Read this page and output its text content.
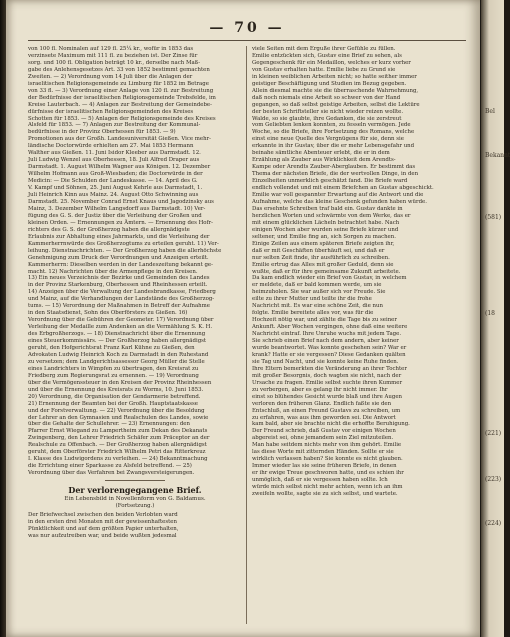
— 70 —
von 100 fl. Nominalen auf 129 fl. 25¼ kr., wofür in 1853 das
verzinsete Maximum mit 111 fl. zu beziehen ist. Der Zinse für
sorg. und 100 fl. Obligation beträgt 10 kr., derselbe nach Maß-
gabe des Anlehensgesetzes Art. 33 von 1852 bestimmt gemachten
Zweiten. — 2) Verordnung vom 14 Juli über die Anlagen der
israelitischen Religionsgemeinde zu Limburg für 1852 im Betrage
von 33 fl. — 3) Verordnung einer Anlage von 120 fl. zur Bestreitung
der Bedürfnisse der israelitischen Religionsgemeinde Trebsfelde, im
Kreise Lauterbach. — 4) Anlagen zur Bestreitung der Gemeindebe-
dürfnisse der israelitischen Religionsgemeinden des Kreises
Schotten für 1853. — 5) Anlagen der Religionsgemeinde des Kreises
Alsfeld für 1853. — 7) Anlagen zur Bestreitung der Kommunal-
bedürfnisse in der Provinz Oberhessen für 1853. — 9)
Promotionen aus der Großh. Landesuniversität Gießen. Vice mehr-
ländische Doctorwürde erhielten am 27. Mai 1853 Hermann
Walther aus Gießen. 11. Juni Isidor Kleeber aus Darmstadt. 12.
Juli Ludwig Wenzel aus Oberhessen, 18. Juli Alfred Draper aus
Darmstadt. 1. August Wilhelm Wagner aus Königen. 12. Dezember
Wilhelm Hofmann aus Groß-Wiesbaden; die Doctorwürde in der
Medicin: — Die Schulden der Landeskasse. — 14. April des G.
V. Kampf und Söhnen, 25. Juni August Kehrle aus Darmstadt, 1.
Juli Heinrich Kinn aus Mainz. 24. August Otto Schwinning aus
Darmstadt. 25. November Conrad Ernst Knaus und Jagodzinsky aus
Mainz, 3. Dezember Wilhelm Langsdorff aus Darmstadt. 10) Ver-
fügung des G. S. der Justiz über die Verleihung der Großen und
kleinen Orden. — Ernennungen zu Ämtern. — Ernennung des Hofr-
richters des G. S. der Großherzog haben die allergnädigste
Erlaubnis zur Abhaltung eines Jahrmarkts, und die Verleihung der
Kammerherrnwürde des Großherzogtums zu erteilen geruht. 11) Ver-
leihung. Dienstnachrichten. — Der Großherzog haben die allerhöchste
Genehmigung zum Druck der Verordnungen und Anzeigen erteilt.
Kammerherrn: Dieselben werden in der Landeszeitung bekannt ge-
macht. 12) Nachrichten über die Armenpflege in den Kreisen.
13) Ein neues Verzeichnis der Bezirke und Gemeinden des Landes
in der Provinz Starkenburg, Oberhessen und Rheinhessen erteilt.
14) Anzeigen über die Verwaltung der Landesbrandkasse, Friedberg
und Mainz, auf die Verhandlungen der Landstände des Großherzog-
tums. — 15) Verordnung der Maßnahmen in Betreff der Aufnahme
in den Staatsdienst, Sohn des Oberförsters zu Gießen. 16)
Verordnung über die Gebühren der Geometer. 17) Verordnung über
Verleihung der Medaille zum Andenken an die Vermählung S. K. H.
des Erbgroßherzogs. — 18) Dienstnachricht über die Ernennung
eines Steuerkommissärs. — Der Großherzog haben allergnädigst
geruht, den Hofgerichtsrat Franz Karl Kühne zu Gießen, den
Advokaten Ludwig Heinrich Koch zu Darmstadt in den Ruhestand
zu versetzen; dem Landgerichtsassessor Georg Müller die Stelle
eines Landrichters in Wimpfen zu übertragen, den Kreisrat zu
Friedberg zum Regierungsrat zu ernennen. — 19) Verordnung
über die Vermögenssteuer in den Kreisen der Provinz Rheinhessen
und über die Ernennung des Kreisrats zu Worms, 10. Juni 1853.
20) Verordnung, die Organisation der Gendarmerie betreffend.
21) Ernennung der Beamten bei der Großh. Hauptstaatskasse
und der Forstverwaltung. — 22) Verordnung über die Besoldung
der Lehrer an den Gymnasien und Realschulen des Landes, sowie
über die Gehalte der Schullehrer. — 23) Ernennungen: den
Pfarrer Ernst Wiegand zu Lampertheim zum Dekan des Dekanats
Zwingenberg, den Lehrer Friedrich Schäfer zum Präceptor an der
Realschule zu Offenbach. — Der Großherzog haben allergnädigst
geruht, dem Oberförster Friedrich Wilhelm Petri das Ritterkreuz
I. Klasse des Ludwigordens zu verleihen. — 24) Bekanntmachung
die Errichtung einer Sparkasse zu Alsfeld betreffend. — 25)
Verordnung über das Verfahren bei Zwangsversteigerungen.
Der verlorengegangene Brief.
Ein Lebensbild in Novellenform von G. Baldamus.
(Fortsetzung.)
Der Briefwechsel zwischen den beiden Verlobten ward
in den ersten drei Monaten mit der gewissenhaftesten
Pünktlichkeit und auf dem größten Papier unterhalten,
was nur aufzutreiben war, und beide wußten jedesmal
viele Seiten mit dem Erguße ihrer Gefühle zu füllen.
Emilie entzückten sich, Gustav eine Brief zu sehen, als
Gegengeschenk für ein Medaillon, welches er kurz vorher
von Gustav erhalten hatte. Emilie liebe zu Grund sie
in kleinen weiblichen Arbeiten nicht; so hatte seither immer
geistiger Beschäftigung und Studien im Bezug gegeben.
Allein diesmal machte sie die überraschende Wahrnehmung,
daß noch niemals eine Arbeit so schwer von der Hand
gegangen, so daß selbst geistige Arbeiten, selbst die Lektüre
der besten Schriftsteller sie nicht wieder reizen wollte.
Walde, so sie glaubte, ihre Gedanken, die sie zerstreut
vom Geliebten lenken konnten, zu fesseln vermögen. Jede
Woche, so die Briefe, ihre Fortsetzung des Romans, welche
einst eine neue Quelle des Vergnügens für sie, denn sie
erkannte in ihr Gustav, über die er mehr Lebensgefahr und
beinahe sämtliche Abenteuer erlebt, die er in dem
Erzählung als Zauber aus Wirklichkeit dem Arendts-
Kampe oder Arendts Zauber-Aberglauben. Er bestimmt das
Thema der nächsten Briefe, die der wertvollen Dinge, in den
Einzelheiten unmerklich geschätzt fand. Die Briefe ward
endlich vollendet und mit einem Briefchen an Gustav abgeschickt.
Emilie war voll gespannter Erwartung auf die Antwort und die
Aufnahme, welche das kleine Geschenk gefunden haben würde.
Das ersehnte Schreiben traf bald ein. Gustav dankte in
herzlichen Worten und schwärmte von dem Werke, das er
mit einem glücklichen Lächeln betrachtet habe. Nach
einigen Wochen aber wurden seine Briefe kürzer und
seltener, und Emilie fing an, sich Sorgen zu machen.
Einige Zeilen aus einem späteren Briefe zeigten ihr,
daß er mit Geschäften überhäuft sei, und daß er
nur selten Zeit finde, ihr ausführlich zu schreiben.
Emilie ertrug das Alles mit großer Geduld, denn sie
wußte, daß er für ihre gemeinsame Zukunft arbeitete.
Da kam endlich wieder ein Brief von Gustav, in welchem
er meldete, daß er bald kommen werde, um sie
heimzuholen. Sie war außer sich vor Freude. Sie
eilte zu ihrer Mutter und teilte ihr die frohe
Nachricht mit. Es war eine schöne Zeit, die nun
folgte. Emilie bereitete alles vor, was für die
Hochzeit nötig war, und zählte die Tage bis zu seiner
Ankunft. Aber Wochen vergingen, ohne daß eine weitere
Nachricht eintraf. Ihre Unruhe wuchs mit jedem Tage.
Sie schrieb einen Brief nach dem andern, aber keiner
wurde beantwortet. Was konnte geschehen sein? War er
krank? Hatte er sie vergessen? Diese Gedanken quälten
sie Tag und Nacht, und sie konnte keine Ruhe finden.
Ihre Eltern bemerkten die Veränderung an ihrer Tochter
mit großer Besorgnis, doch wagten sie nicht, nach der
Ursache zu fragen. Emilie selbst suchte ihren Kummer
zu verbergen, aber es gelang ihr nicht immer. Ihr
einst so blühendes Gesicht wurde blaß und ihre Augen
verloren den früheren Glanz. Endlich faßte sie den
Entschluß, an einen Freund Gustavs zu schreiben, um
zu erfahren, was aus ihm geworden sei. Die Antwort
kam bald, aber sie brachte nicht die erhoffte Beruhigung.
Der Freund schrieb, daß Gustav vor einigen Wochen
abgereist sei, ohne jemandem sein Ziel mitzuteilen.
Man habe seitdem nichts mehr von ihm gehört. Emilie
las diese Worte mit zitternden Händen. Sollte er sie
wirklich verlassen haben? Sie konnte es nicht glauben.
Immer wieder las sie seine früheren Briefe, in denen
er ihr ewige Treue geschworen hatte, und es schien ihr
unmöglich, daß er sie vergessen haben sollte. Ich
würde mich selbst nicht mehr achten, wenn ich an ihm
zweifeln wollte, sagte sie zu sich selbst, und wartete.
Bel
Bekannt
(581)
(18
(221)
(223)
(224)
